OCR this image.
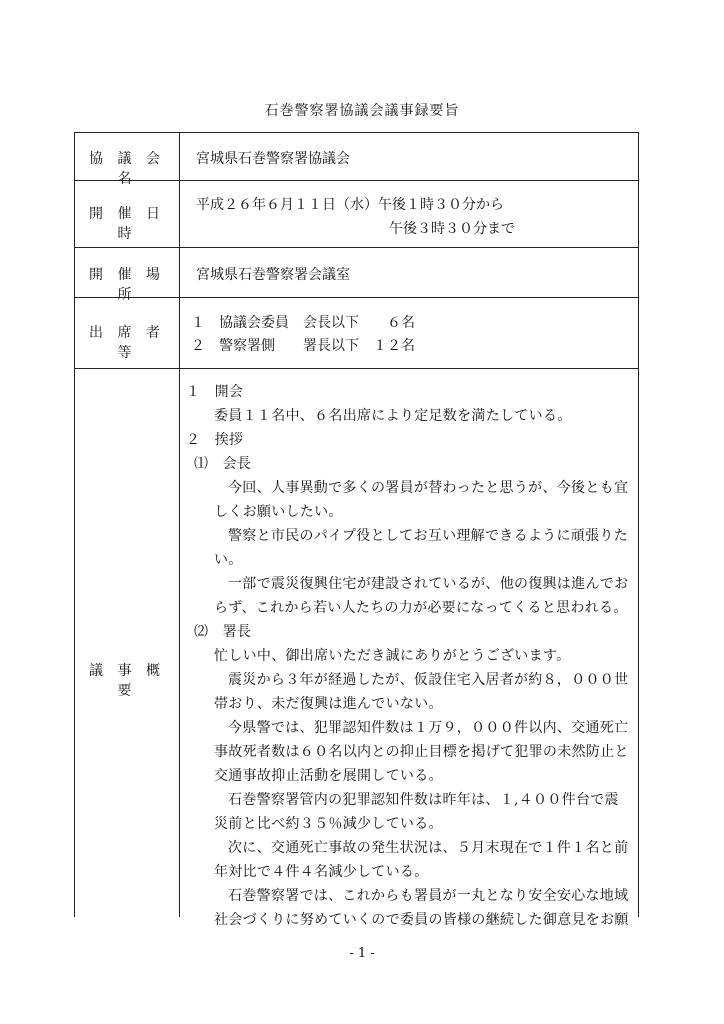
石巻警察署協議会議事録要旨
協 議 会 名
開 催 日 時
開 催 場 所
出 席 者 等
議 事 概 要
宮城県石巻警察署協議会
平成２６年６月１１日（水）午後１時３０分から
午後３時３０分まで
宮城県石巻警察署会議室
１　協議会委員　会長以下　　６名
２　警察署側　　署長以下　１２名
１　開会
委員１１名中、６名出席により定足数を満たしている。
２　挨拶
⑴　会長
今回、人事異動で多くの署員が替わったと思うが、今後とも宜
しくお願いしたい。
警察と市民のパイプ役としてお互い理解できるように頑張りた
い。
一部で震災復興住宅が建設されているが、他の復興は進んでお
らず、これから若い人たちの力が必要になってくると思われる。
⑵　署長
忙しい中、御出席いただき誠にありがとうございます。
震災から３年が経過したが、仮設住宅入居者が約８，０００世
帯おり、未だ復興は進んでいない。
今県警では、犯罪認知件数は１万９，０００件以内、交通死亡
事故死者数は６０名以内との抑止目標を掲げて犯罪の未然防止と
交通事故抑止活動を展開している。
石巻警察署管内の犯罪認知件数は昨年は、１,４００件台で震
災前と比べ約３５％減少している。
次に、交通死亡事故の発生状況は、５月末現在で１件１名と前
年対比で４件４名減少している。
石巻警察署では、これからも署員が一丸となり安全安心な地域
社会づくりに努めていくので委員の皆様の継続した御意見をお願
- 1 -
